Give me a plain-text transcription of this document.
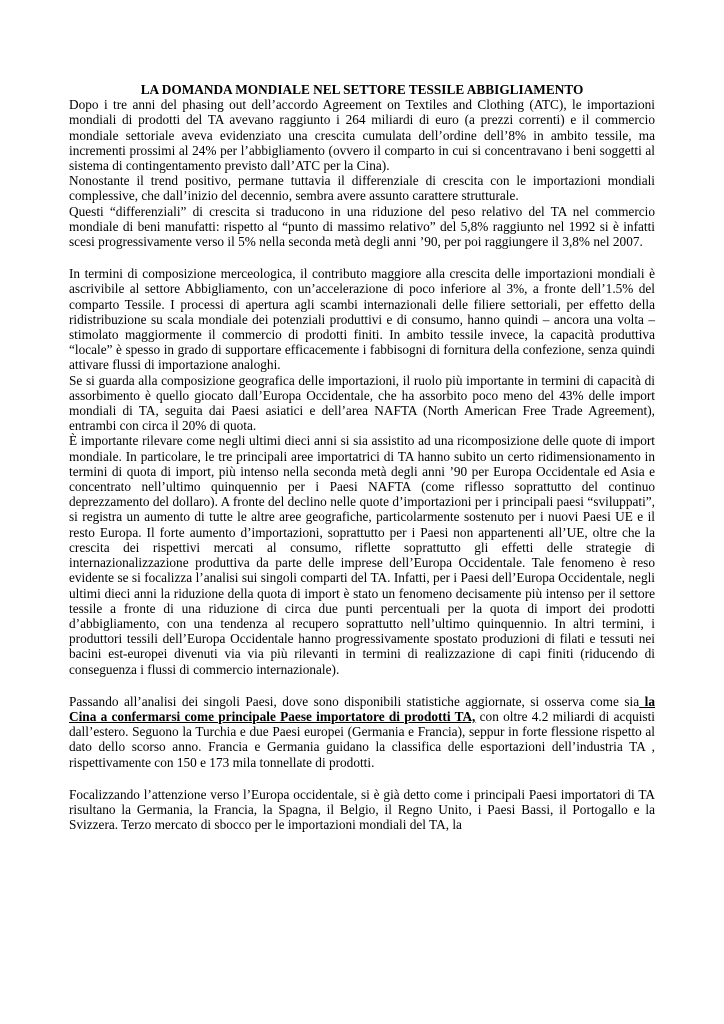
LA DOMANDA MONDIALE NEL SETTORE TESSILE ABBIGLIAMENTO

Dopo i tre anni del phasing out dell’accordo Agreement on Textiles and Clothing (ATC), le importazioni mondiali di prodotti del TA avevano raggiunto i 264 miliardi di euro (a prezzi correnti) e il commercio mondiale settoriale aveva evidenziato una crescita cumulata dell’ordine dell’8% in ambito tessile, ma incrementi prossimi al 24% per l’abbigliamento (ovvero il comparto in cui si concentravano i beni soggetti al sistema di contingentamento previsto dall’ATC per la Cina).

Nonostante il trend positivo, permane tuttavia il differenziale di crescita con le importazioni mondiali complessive, che dall’inizio del decennio, sembra avere assunto carattere strutturale.

Questi “differenziali” di crescita si traducono in una riduzione del peso relativo del TA nel commercio mondiale di beni manufatti: rispetto al “punto di massimo relativo” del 5,8% raggiunto nel 1992 si è infatti scesi progressivamente verso il 5% nella seconda metà degli anni ’90, per poi raggiungere il 3,8% nel 2007.

In termini di composizione merceologica, il contributo maggiore alla crescita delle importazioni mondiali è ascrivibile al settore Abbigliamento, con un’accelerazione di poco inferiore al 3%, a fronte dell’1.5% del comparto Tessile. I processi di apertura agli scambi internazionali delle filiere settoriali, per effetto della ridistribuzione su scala mondiale dei potenziali produttivi e di consumo, hanno quindi – ancora una volta – stimolato maggiormente il commercio di prodotti finiti. In ambito tessile invece, la capacità produttiva “locale” è spesso in grado di supportare efficacemente i fabbisogni di fornitura della confezione, senza quindi attivare flussi di importazione analoghi.

Se si guarda alla composizione geografica delle importazioni, il ruolo più importante in termini di capacità di assorbimento è quello giocato dall’Europa Occidentale, che ha assorbito poco meno del 43% delle import mondiali di TA, seguita dai Paesi asiatici e dell’area NAFTA (North American Free Trade Agreement), entrambi con circa il 20% di quota.

È importante rilevare come negli ultimi dieci anni si sia assistito ad una ricomposizione delle quote di import mondiale. In particolare, le tre principali aree importatrici di TA hanno subito un certo ridimensionamento in termini di quota di import, più intenso nella seconda metà degli anni ’90 per Europa Occidentale ed Asia e concentrato nell’ultimo quinquennio per i Paesi NAFTA (come riflesso soprattutto del continuo deprezzamento del dollaro). A fronte del declino nelle quote d’importazioni per i principali paesi “sviluppati”, si registra un aumento di tutte le altre aree geografiche, particolarmente sostenuto per i nuovi Paesi UE e il resto Europa. Il forte aumento d’importazioni, soprattutto per i Paesi non appartenenti all’UE, oltre che la crescita dei rispettivi mercati al consumo, riflette soprattutto gli effetti delle strategie di internazionalizzazione produttiva da parte delle imprese dell’Europa Occidentale. Tale fenomeno è reso evidente se si focalizza l’analisi sui singoli comparti del TA. Infatti, per i Paesi dell’Europa Occidentale, negli ultimi dieci anni la riduzione della quota di import è stato un fenomeno decisamente più intenso per il settore tessile a fronte di una riduzione di circa due punti percentuali per la quota di import dei prodotti d’abbigliamento, con una tendenza al recupero soprattutto nell’ultimo quinquennio. In altri termini, i produttori tessili dell’Europa Occidentale hanno progressivamente spostato produzioni di filati e tessuti nei bacini est-europei divenuti via via più rilevanti in termini di realizzazione di capi finiti (riducendo di conseguenza i flussi di commercio internazionale).

Passando all’analisi dei singoli Paesi, dove sono disponibili statistiche aggiornate, si osserva come sia la Cina a confermarsi come principale Paese importatore di prodotti TA, con oltre 4.2 miliardi di acquisti dall’estero. Seguono la Turchia e due Paesi europei (Germania e Francia), seppur in forte flessione rispetto al dato dello scorso anno. Francia e Germania guidano la classifica delle esportazioni dell’industria TA , rispettivamente con 150 e 173 mila tonnellate di prodotti.

Focalizzando l’attenzione verso l’Europa occidentale, si è già detto come i principali Paesi importatori di TA risultano la Germania, la Francia, la Spagna, il Belgio, il Regno Unito, i Paesi Bassi, il Portogallo e la Svizzera. Terzo mercato di sbocco per le importazioni mondiali del TA, la
